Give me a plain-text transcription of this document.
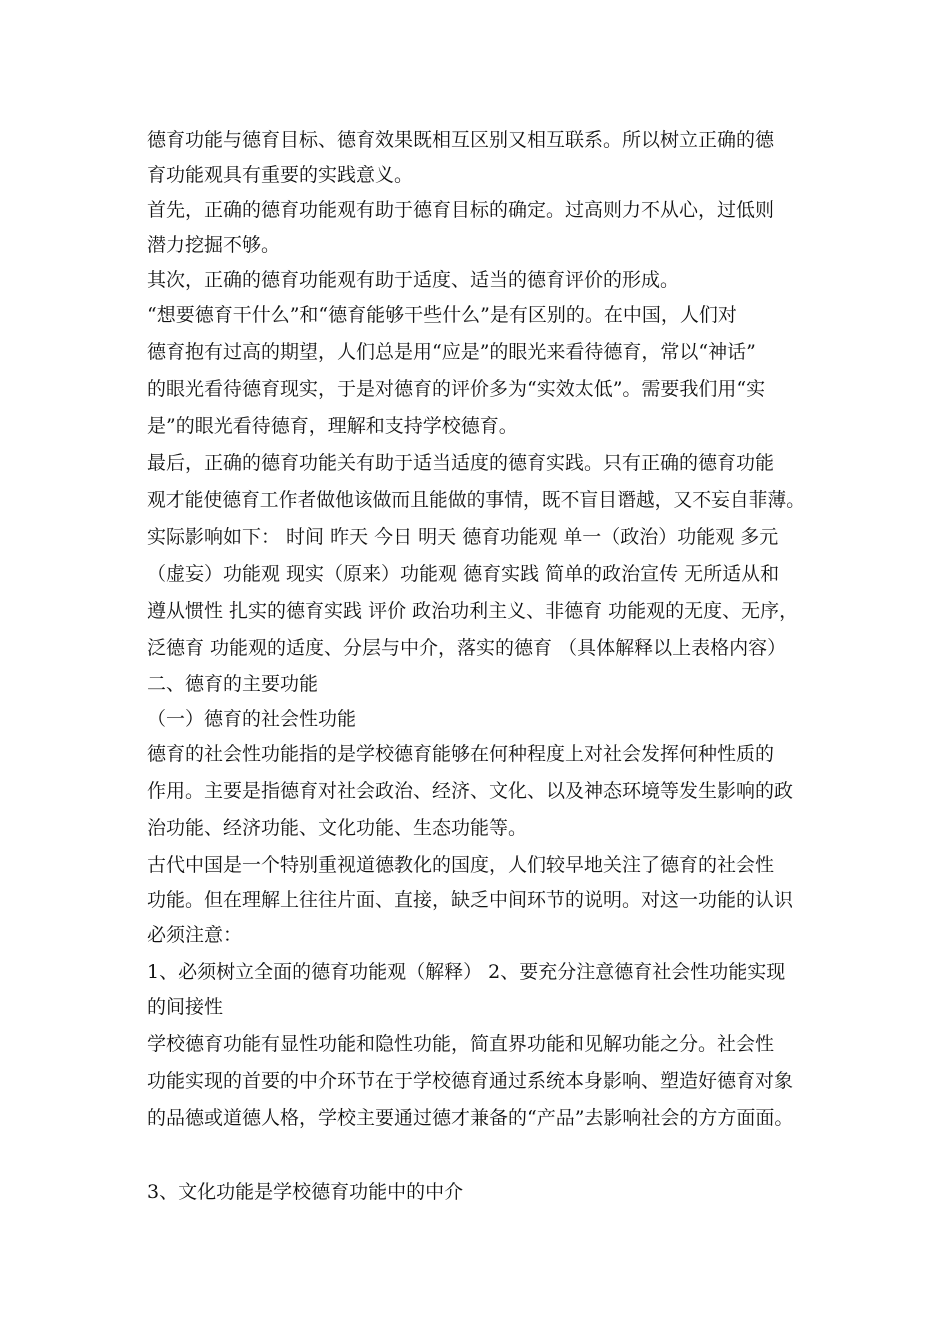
德育功能与德育目标、德育效果既相互区别又相互联系。所以树立正确的德
育功能观具有重要的实践意义。
首先，正确的德育功能观有助于德育目标的确定。过高则力不从心，过低则
潜力挖掘不够。
其次，正确的德育功能观有助于适度、适当的德育评价的形成。
“想要德育干什么”和“德育能够干些什么”是有区别的。在中国，人们对
德育抱有过高的期望，人们总是用“应是”的眼光来看待德育，常以“神话”
的眼光看待德育现实，于是对德育的评价多为“实效太低”。需要我们用“实
是”的眼光看待德育，理解和支持学校德育。
最后，正确的德育功能关有助于适当适度的德育实践。只有正确的德育功能
观才能使德育工作者做他该做而且能做的事情，既不盲目谮越，又不妄自菲薄。
实际影响如下： 时间 昨天 今日 明天 德育功能观 单一（政治）功能观 多元
（虚妄）功能观 现实（原来）功能观 德育实践 简单的政治宣传 无所适从和
遵从惯性 扎实的德育实践 评价 政治功利主义、非德育 功能观的无度、无序，
泛德育 功能观的适度、分层与中介，落实的德育 （具体解释以上表格内容）
二、德育的主要功能
（一）德育的社会性功能
德育的社会性功能指的是学校德育能够在何种程度上对社会发挥何种性质的
作用。主要是指德育对社会政治、经济、文化、以及神态环境等发生影响的政
治功能、经济功能、文化功能、生态功能等。
古代中国是一个特别重视道德教化的国度，人们较早地关注了德育的社会性
功能。但在理解上往往片面、直接，缺乏中间环节的说明。对这一功能的认识
必须注意：
1、必须树立全面的德育功能观（解释） 2、要充分注意德育社会性功能实现
的间接性
学校德育功能有显性功能和隐性功能，简直界功能和见解功能之分。社会性
功能实现的首要的中介环节在于学校德育通过系统本身影响、塑造好德育对象
的品德或道德人格，学校主要通过德才兼备的“产品”去影响社会的方方面面。
3、文化功能是学校德育功能中的中介
